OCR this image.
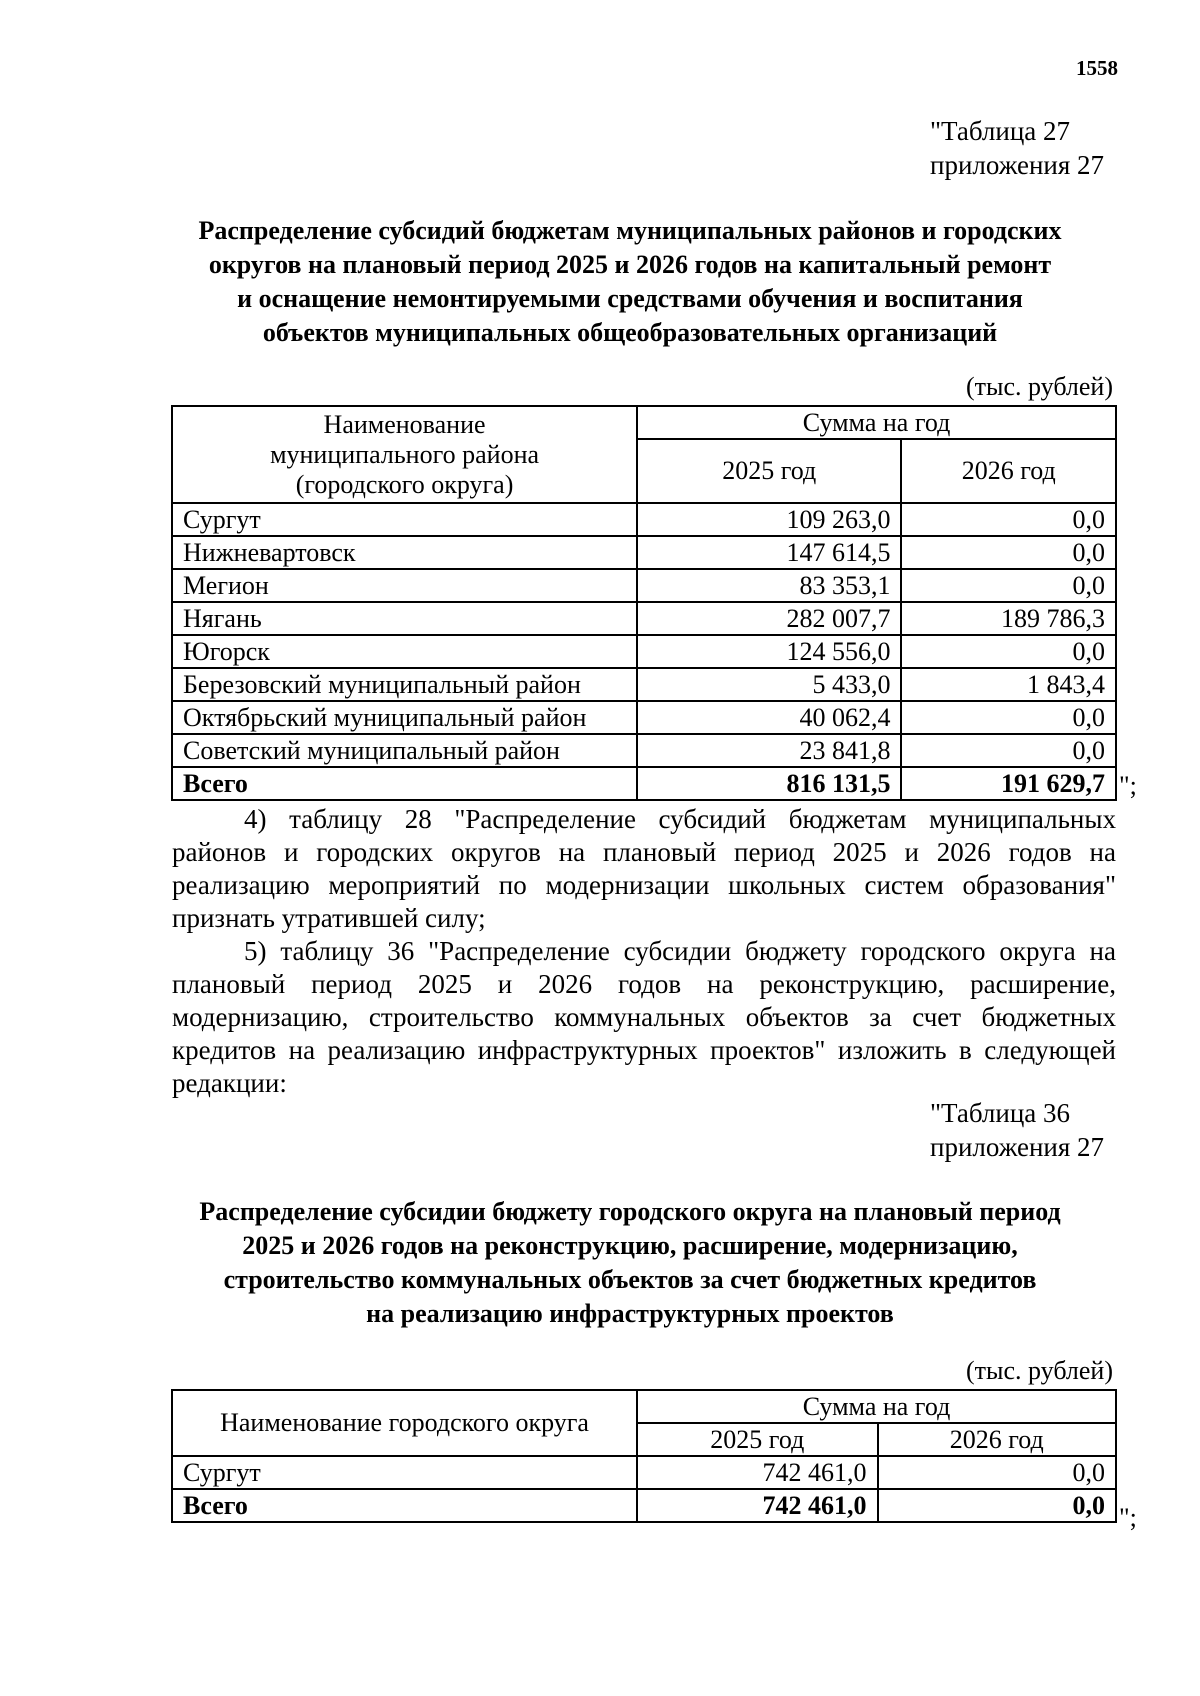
1558
"Таблица 27
приложения 27
Распределение субсидий бюджетам муниципальных районов и городских
округов на плановый период 2025 и 2026 годов на капитальный ремонт
и оснащение немонтируемыми средствами обучения и воспитания
объектов муниципальных общеобразовательных организаций
(тыс. рублей)
Наименование
муниципального района
(городского округа)	Сумма на год	
	2025 год	2026 год
Сургут	109 263,0	0,0
Нижневартовск	147 614,5	0,0
Мегион	83 353,1	0,0
Нягань	282 007,7	189 786,3
Югорск	124 556,0	0,0
Березовский муниципальный район	5 433,0	1 843,4
Октябрьский муниципальный район	40 062,4	0,0
Советский муниципальный район	23 841,8	0,0
Всего	816 131,5	191 629,7 ";

4) таблицу 28 "Распределение субсидий бюджетам муниципальных районов и городских округов на плановый период 2025 и 2026 годов на реализацию мероприятий по модернизации школьных систем образования" признать утратившей силу;

5) таблицу 36 "Распределение субсидии бюджету городского округа на плановый период 2025 и 2026 годов на реконструкцию, расширение, модернизацию, строительство коммунальных объектов за счет бюджетных кредитов на реализацию инфраструктурных проектов" изложить в следующей редакции:

"Таблица 36
приложения 27
Распределение субсидии бюджету городского округа на плановый период
2025 и 2026 годов на реконструкцию, расширение, модернизацию,
строительство коммунальных объектов за счет бюджетных кредитов
на реализацию инфраструктурных проектов
(тыс. рублей)
Наименование городского округа	Сумма на год	
	2025 год	2026 год
Сургут	742 461,0	0,0
Всего	742 461,0	0,0 ";
